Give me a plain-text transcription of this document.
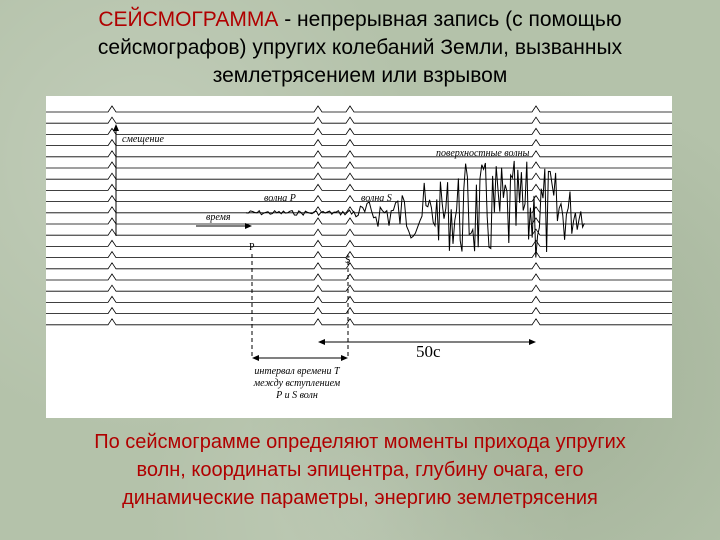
СЕЙСМОГРАММА - непрерывная запись (с помощью
сейсмографов) упругих колебаний Земли, вызванных
землетрясением или взрывом
смещение
время
волна P	волна S
поверхностные волны
P
S
50с
интервал времени T
между вступлением
P и S волн
По сейсмограмме определяют моменты прихода упругих
волн, координаты эпицентра, глубину очага, его
динамические параметры, энергию землетрясения
